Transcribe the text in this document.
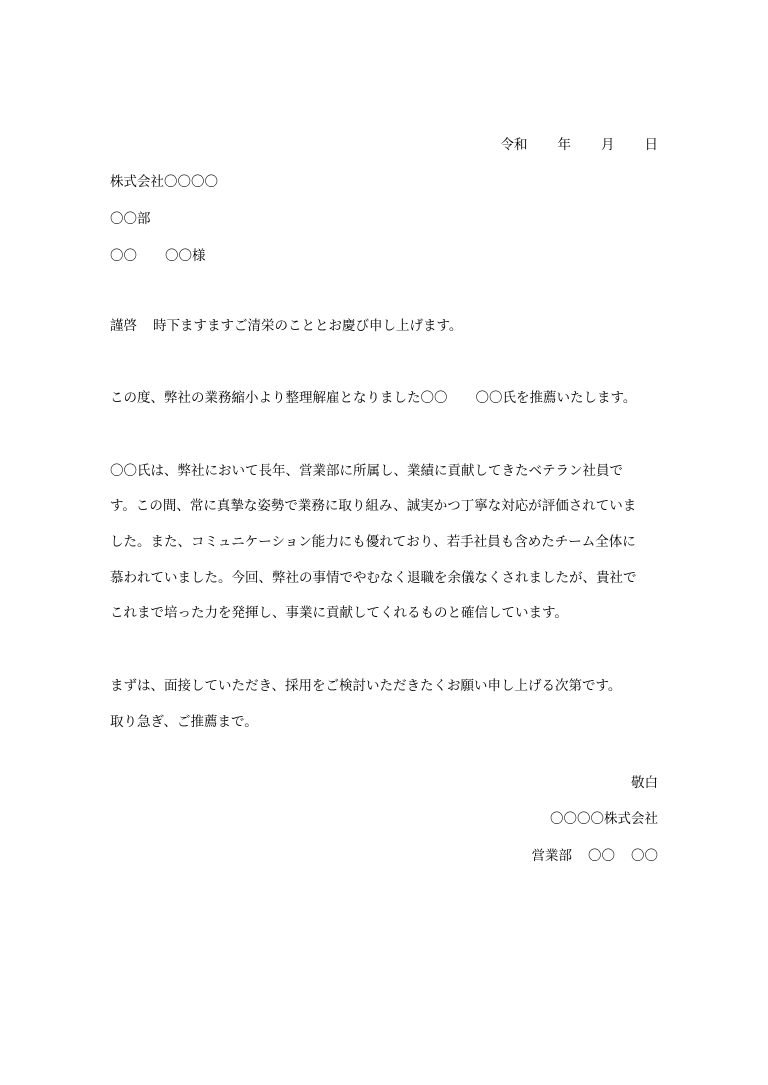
令和 年 月 日
株式会社〇〇〇〇
〇〇部
〇〇 〇〇様
謹啓 時下ますますご清栄のこととお慶び申し上げます。
この度、弊社の業務縮小より整理解雇となりました〇〇 〇〇氏を推薦いたします。
〇〇氏は、弊社において長年、営業部に所属し、業績に貢献してきたベテラン社員で
す。この間、常に真摯な姿勢で業務に取り組み、誠実かつ丁寧な対応が評価されていま
した。また、コミュニケーション能力にも優れており、若手社員も含めたチーム全体に
慕われていました。今回、弊社の事情でやむなく退職を余儀なくされましたが、貴社で
これまで培った力を発揮し、事業に貢献してくれるものと確信しています。
まずは、面接していただき、採用をご検討いただきたくお願い申し上げる次第です。
取り急ぎ、ご推薦まで。
敬白
〇〇〇〇株式会社
営業部 〇〇 〇〇
